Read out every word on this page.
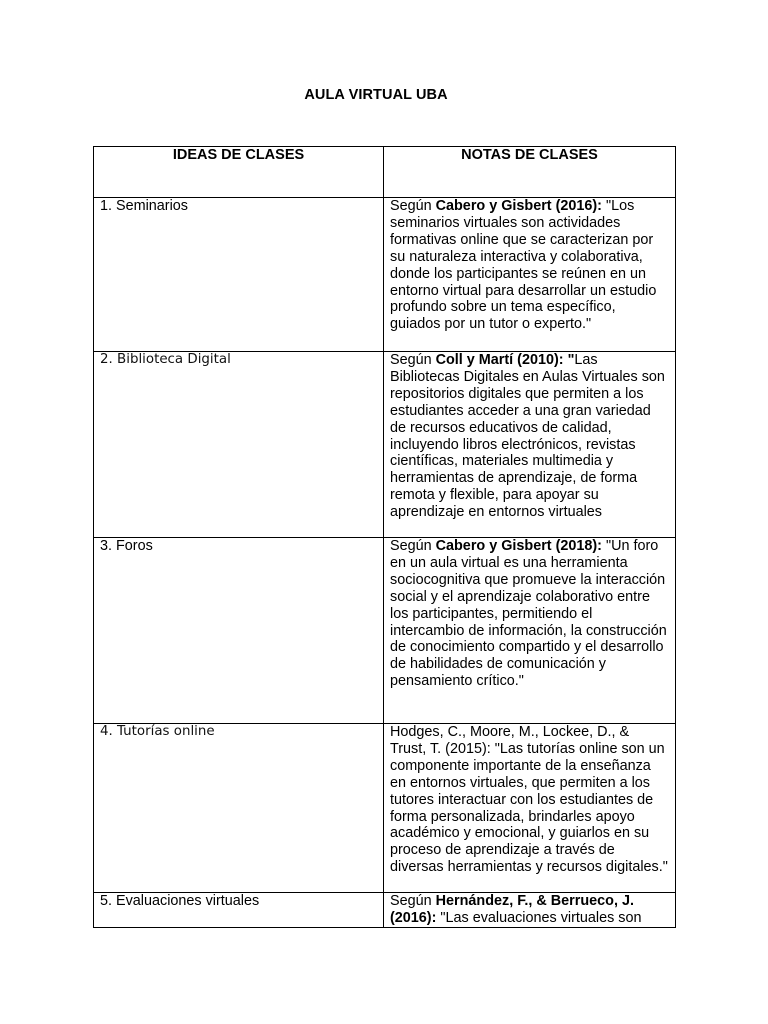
AULA VIRTUAL UBA
IDEAS DE CLASES	NOTAS DE CLASES
1. Seminarios	Según Cabero y Gisbert (2016): "Los seminarios virtuales son actividades formativas online que se caracterizan por su naturaleza interactiva y colaborativa, donde los participantes se reúnen en un entorno virtual para desarrollar un estudio profundo sobre un tema específico, guiados por un tutor o experto."
2. Biblioteca Digital	Según Coll y Martí (2010): "Las Bibliotecas Digitales en Aulas Virtuales son repositorios digitales que permiten a los estudiantes acceder a una gran variedad de recursos educativos de calidad, incluyendo libros electrónicos, revistas científicas, materiales multimedia y herramientas de aprendizaje, de forma remota y flexible, para apoyar su aprendizaje en entornos virtuales
3. Foros	Según Cabero y Gisbert (2018): "Un foro en un aula virtual es una herramienta sociocognitiva que promueve la interacción social y el aprendizaje colaborativo entre los participantes, permitiendo el intercambio de información, la construcción de conocimiento compartido y el desarrollo de habilidades de comunicación y pensamiento crítico."
4. Tutorías online	Hodges, C., Moore, M., Lockee, D., & Trust, T. (2015): "Las tutorías online son un componente importante de la enseñanza en entornos virtuales, que permiten a los tutores interactuar con los estudiantes de forma personalizada, brindarles apoyo académico y emocional, y guiarlos en su proceso de aprendizaje a través de diversas herramientas y recursos digitales."
5. Evaluaciones virtuales	Según Hernández, F., & Berrueco, J. (2016): "Las evaluaciones virtuales son
